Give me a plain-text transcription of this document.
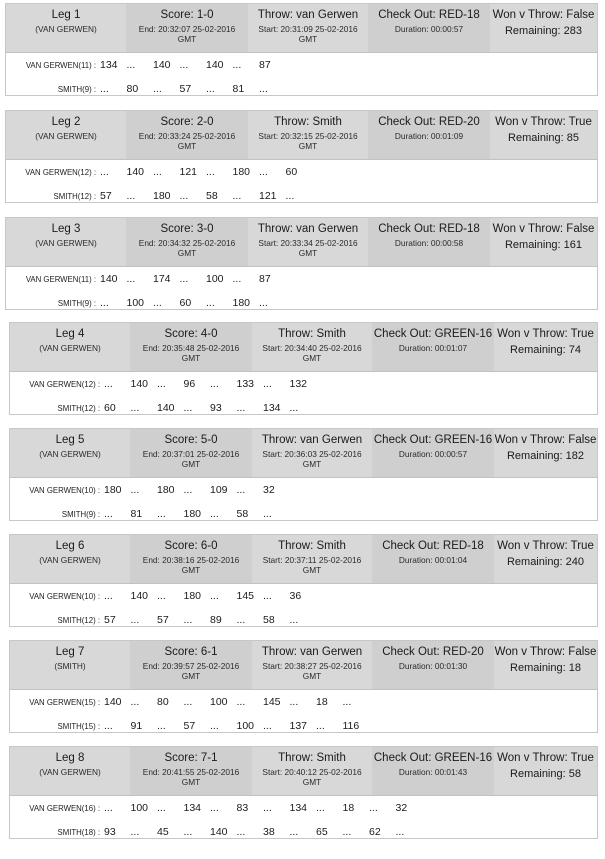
Leg 1
(VAN GERWEN)
Score: 1-0
End: 20:32:07 25-02-2016
GMT
Throw: van Gerwen
Start: 20:31:09 25-02-2016
GMT
Check Out: RED-18
Duration: 00:00:57
Won v Throw: False
Remaining: 283
VAN GERWEN(11) : 134 ... 140 ... 140 ... 87
SMITH(9) : ... 80 ... 57 ... 81 ...
Leg 2
(VAN GERWEN)
Score: 2-0
End: 20:33:24 25-02-2016
GMT
Throw: Smith
Start: 20:32:15 25-02-2016
GMT
Check Out: RED-20
Duration: 00:01:09
Won v Throw: True
Remaining: 85
VAN GERWEN(12) : ... 140 ... 121 ... 180 ... 60
SMITH(12) : 57 ... 180 ... 58 ... 121 ...
Leg 3
(VAN GERWEN)
Score: 3-0
End: 20:34:32 25-02-2016
GMT
Throw: van Gerwen
Start: 20:33:34 25-02-2016
GMT
Check Out: RED-18
Duration: 00:00:58
Won v Throw: False
Remaining: 161
VAN GERWEN(11) : 140 ... 174 ... 100 ... 87
SMITH(9) : ... 100 ... 60 ... 180 ...
Leg 4
(VAN GERWEN)
Score: 4-0
End: 20:35:48 25-02-2016
GMT
Throw: Smith
Start: 20:34:40 25-02-2016
GMT
Check Out: GREEN-16
Duration: 00:01:07
Won v Throw: True
Remaining: 74
VAN GERWEN(12) : ... 140 ... 96 ... 133 ... 132
SMITH(12) : 60 ... 140 ... 93 ... 134 ...
Leg 5
(VAN GERWEN)
Score: 5-0
End: 20:37:01 25-02-2016
GMT
Throw: van Gerwen
Start: 20:36:03 25-02-2016
GMT
Check Out: GREEN-16
Duration: 00:00:57
Won v Throw: False
Remaining: 182
VAN GERWEN(10) : 180 ... 180 ... 109 ... 32
SMITH(9) : ... 81 ... 180 ... 58 ...
Leg 6
(VAN GERWEN)
Score: 6-0
End: 20:38:16 25-02-2016
GMT
Throw: Smith
Start: 20:37:11 25-02-2016
GMT
Check Out: RED-18
Duration: 00:01:04
Won v Throw: True
Remaining: 240
VAN GERWEN(10) : ... 140 ... 180 ... 145 ... 36
SMITH(12) : 57 ... 57 ... 89 ... 58 ...
Leg 7
(SMITH)
Score: 6-1
End: 20:39:57 25-02-2016
GMT
Throw: van Gerwen
Start: 20:38:27 25-02-2016
GMT
Check Out: RED-20
Duration: 00:01:30
Won v Throw: False
Remaining: 18
VAN GERWEN(15) : 140 ... 80 ... 100 ... 145 ... 18 ...
SMITH(15) : ... 91 ... 57 ... 100 ... 137 ... 116
Leg 8
(VAN GERWEN)
Score: 7-1
End: 20:41:55 25-02-2016
GMT
Throw: Smith
Start: 20:40:12 25-02-2016
GMT
Check Out: GREEN-16
Duration: 00:01:43
Won v Throw: True
Remaining: 58
VAN GERWEN(16) : ... 100 ... 134 ... 83 ... 134 ... 18 ... 32
SMITH(18) : 93 ... 45 ... 140 ... 38 ... 65 ... 62 ...
